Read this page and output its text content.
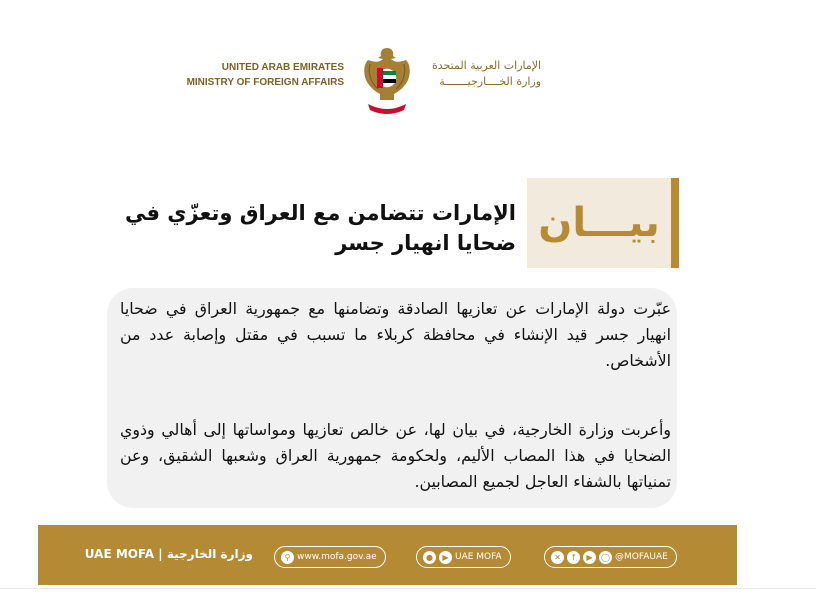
UNITED ARAB EMIRATES
MINISTRY OF FOREIGN AFFAIRS
الإمارات العربية المتحدة
وزارة الخــــارجيـــــــة
بيـــان
الإمارات تتضامن مع العراق وتعزّي في
ضحايا انهيار جسر
عبّرت دولة الإمارات عن تعازيها الصادقة وتضامنها مع جمهورية العراق في ضحايا انهيار جسر قيد الإنشاء في محافظة كربلاء ما تسبب في مقتل وإصابة عدد من الأشخاص.
وأعربت وزارة الخارجية، في بيان لها، عن خالص تعازيها ومواساتها إلى أهالي وذوي الضحايا في هذا المصاب الأليم، ولحكومة جمهورية العراق وشعبها الشقيق، وعن تمنياتها بالشفاء العاجل لجميع المصابين.
UAE MOFA | وزارة الخارجية	⚲ www.mofa.gov.ae	● ▶ UAE MOFA	✕ f ▶ ◯ @MOFAUAE
